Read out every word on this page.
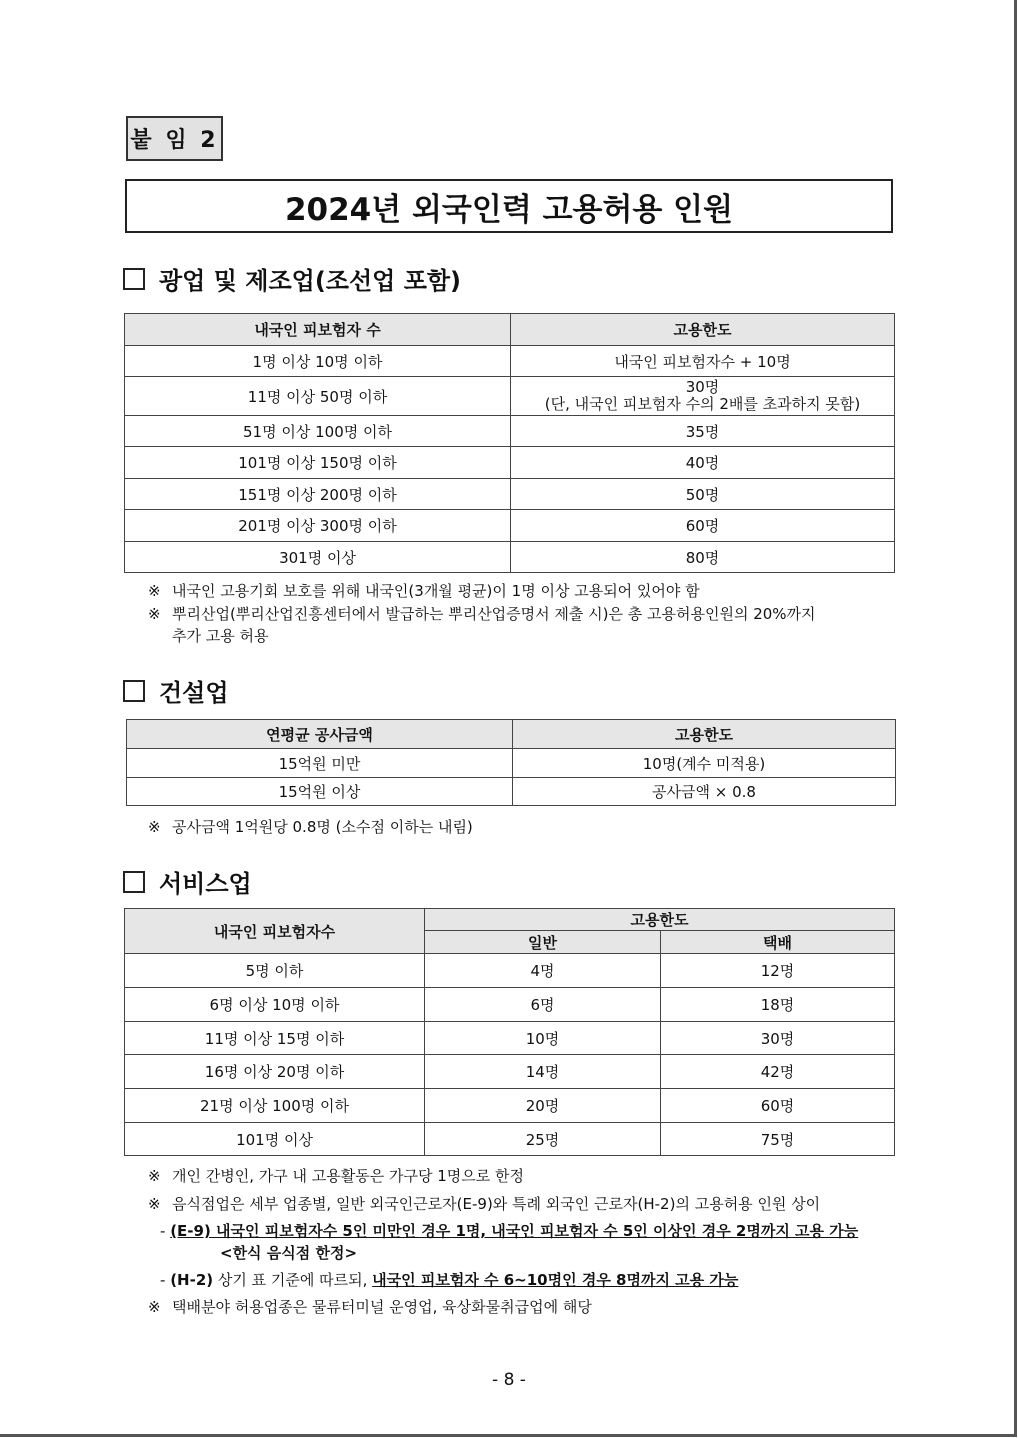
붙 임 2
2024년 외국인력 고용허용 인원
광업 및 제조업(조선업 포함)
내국인 피보험자 수	고용한도
1명 이상 10명 이하	내국인 피보험자수 + 10명
11명 이상 50명 이하	30명
(단, 내국인 피보험자 수의 2배를 초과하지 못함)

51명 이상 100명 이하	35명
101명 이상 150명 이하	40명
151명 이상 200명 이하	50명
201명 이상 300명 이하	60명
301명 이상	80명
※ 내국인 고용기회 보호를 위해 내국인(3개월 평균)이 1명 이상 고용되어 있어야 함
※ 뿌리산업(뿌리산업진흥센터에서 발급하는 뿌리산업증명서 제출 시)은 총 고용허용인원의 20%까지
추가 고용 허용
건설업
연평균 공사금액	고용한도
15억원 미만	10명(계수 미적용)
15억원 이상	공사금액 × 0.8
※ 공사금액 1억원당 0.8명 (소수점 이하는 내림)
서비스업
내국인 피보험자수	고용한도	
	일반	택배
5명 이하	4명	12명
6명 이상 10명 이하	6명	18명
11명 이상 15명 이하	10명	30명
16명 이상 20명 이하	14명	42명
21명 이상 100명 이하	20명	60명
101명 이상	25명	75명
※ 개인 간병인, 가구 내 고용활동은 가구당 1명으로 한정
※ 음식점업은 세부 업종별, 일반 외국인근로자(E-9)와 특례 외국인 근로자(H-2)의 고용허용 인원 상이
- (E-9) 내국인 피보험자수 5인 미만인 경우 1명, 내국인 피보험자 수 5인 이상인 경우 2명까지 고용 가능
<한식 음식점 한정>
- (H-2) 상기 표 기준에 따르되, 내국인 피보험자 수 6~10명인 경우 8명까지 고용 가능
※ 택배분야 허용업종은 물류터미널 운영업, 육상화물취급업에 해당
- 8 -
